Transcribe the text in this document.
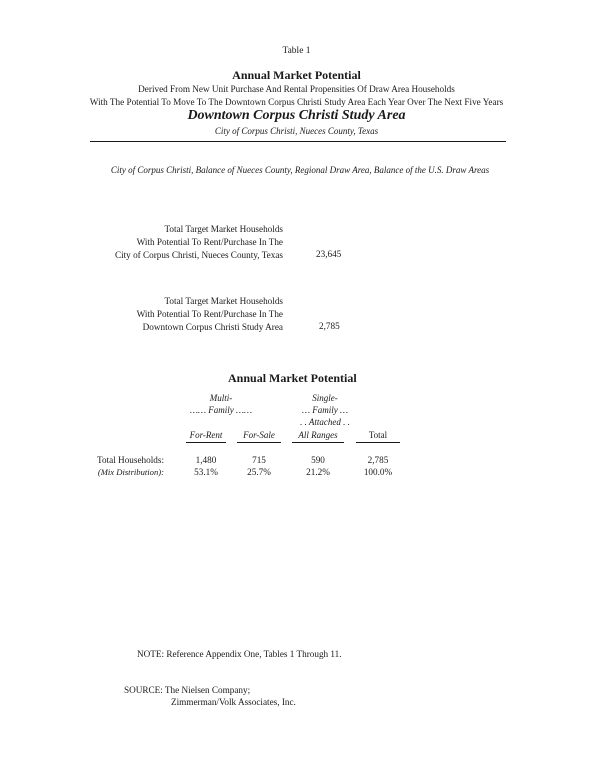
Table 1
Annual Market Potential
Derived From New Unit Purchase And Rental Propensities Of Draw Area Households
With The Potential To Move To The Downtown Corpus Christi Study Area Each Year Over The Next Five Years
Downtown Corpus Christi Study Area
City of Corpus Christi, Nueces County, Texas
City of Corpus Christi, Balance of Nueces County, Regional Draw Area, Balance of the U.S. Draw Areas
Total Target Market Households
With Potential To Rent/Purchase In The
City of Corpus Christi, Nueces County, Texas	23,645
Total Target Market Households
With Potential To Rent/Purchase In The
Downtown Corpus Christi Study Area	2,785
Annual Market Potential
Multi-
…… Family ……
Single-
… Family …
. . Attached . .
For-Rent	For-Sale	All Ranges	Total
Total Households:	1,480	715	590	2,785
(Mix Distribution):	53.1%	25.7%	21.2%	100.0%
NOTE: Reference Appendix One, Tables 1 Through 11.
SOURCE: The Nielsen Company;
Zimmerman/Volk Associates, Inc.
